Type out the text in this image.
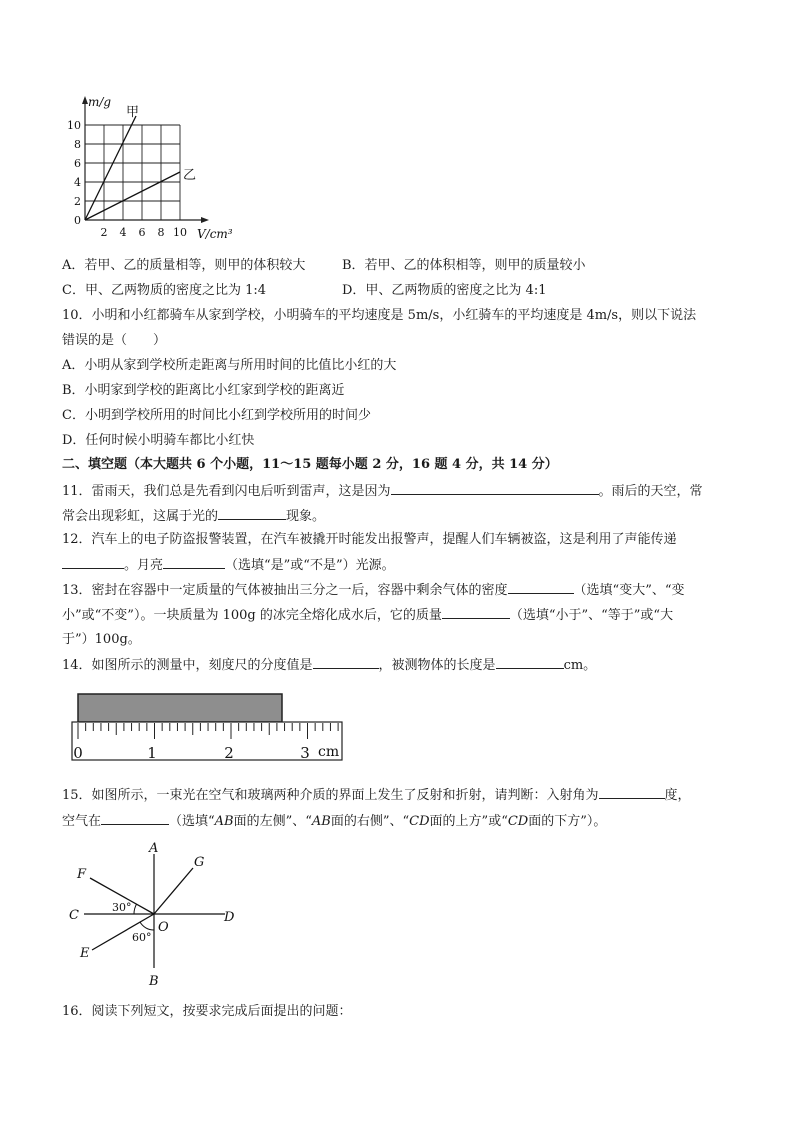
m/g
甲
乙
10
8
6
4
2
0
2 4 6 8 10 V/cm³
A．若甲、乙的质量相等，则甲的体积较大	B．若甲、乙的体积相等，则甲的质量较小
C．甲、乙两物质的密度之比为 1:4	D．甲、乙两物质的密度之比为 4:1
10．小明和小红都骑车从家到学校，小明骑车的平均速度是 5m/s，小红骑车的平均速度是 4m/s，则以下说法
错误的是（　　）
A．小明从家到学校所走距离与所用时间的比值比小红的大
B．小明家到学校的距离比小红家到学校的距离近
C．小明到学校所用的时间比小红到学校所用的时间少
D．任何时候小明骑车都比小红快
二、填空题（本大题共 6 个小题，11～15 题每小题 2 分，16 题 4 分，共 14 分）
11．雷雨天，我们总是先看到闪电后听到雷声，这是因为	。雨后的天空，常
常会出现彩虹，这属于光的	现象。
12．汽车上的电子防盗报警装置，在汽车被撬开时能发出报警声，提醒人们车辆被盗，这是利用了声能传递
。月亮	（选填“是”或“不是”）光源。
13．密封在容器中一定质量的气体被抽出三分之一后，容器中剩余气体的密度	（选填“变大”、“变
小”或“不变”）。一块质量为 100g 的冰完全熔化成水后，它的质量	（选填“小于”、“等于”或“大
于”）100g。
14．如图所示的测量中，刻度尺的分度值是	，被测物体的长度是	cm。
0	1	2	3 cm
15．如图所示，一束光在空气和玻璃两种介质的界面上发生了反射和折射，请判断：入射角为	度，
空气在	（选填“AB面的左侧”、“AB面的右侧”、“CD面的上方”或“CD面的下方”）。
A
B
C	D
E
F
G
O
30°
60°
16．阅读下列短文，按要求完成后面提出的问题：
